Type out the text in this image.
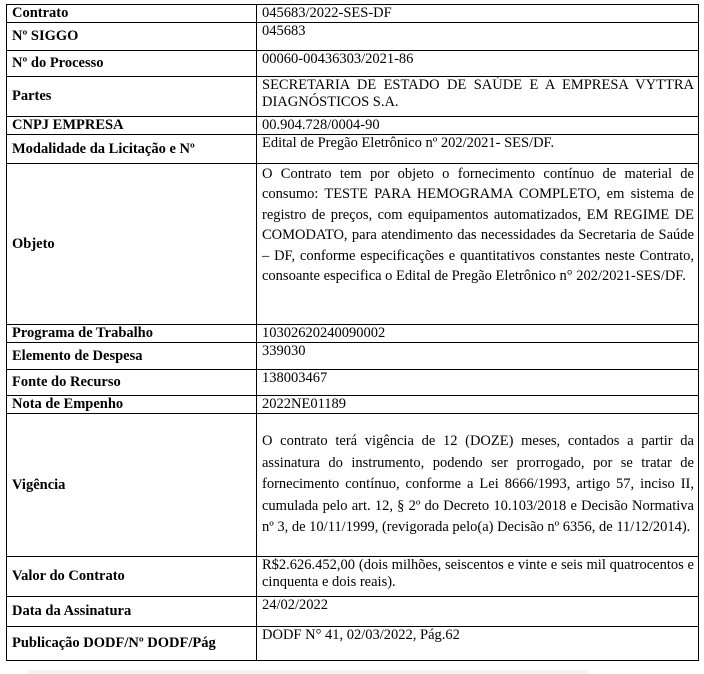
Contrato	045683/2022-SES-DF
Nº SIGGO	045683
Nº do Processo	00060-00436303/2021-86
Partes	SECRETARIA DE ESTADO DE SAÚDE E A EMPRESA VYTTRA DIAGNÓSTICOS S.A.
CNPJ EMPRESA	00.904.728/0004-90
Modalidade da Licitação e Nº	Edital de Pregão Eletrônico nº 202/2021- SES/DF.
Objeto	O Contrato tem por objeto o fornecimento contínuo de material de consumo: TESTE PARA HEMOGRAMA COMPLETO, em sistema de registro de preços, com equipamentos automatizados, EM REGIME DE COMODATO, para atendimento das necessidades da Secretaria de Saúde – DF, conforme especificações e quantitativos constantes neste Contrato, consoante especifica o Edital de Pregão Eletrônico n° 202/2021-SES/DF.
Programa de Trabalho	10302620240090002
Elemento de Despesa	339030
Fonte do Recurso	138003467
Nota de Empenho	2022NE01189
Vigência	O contrato terá vigência de 12 (DOZE) meses, contados a partir da assinatura do instrumento, podendo ser prorrogado, por se tratar de fornecimento contínuo, conforme a Lei 8666/1993, artigo 57, inciso II, cumulada pelo art. 12, § 2º do Decreto 10.103/2018 e Decisão Normativa nº 3, de 10/11/1999, (revigorada pelo(a) Decisão nº 6356, de 11/12/2014).
Valor do Contrato	R$2.626.452,00 (dois milhões, seiscentos e vinte e seis mil quatrocentos e cinquenta e dois reais).
Data da Assinatura	24/02/2022
Publicação DODF/Nº DODF/Pág	DODF N° 41, 02/03/2022, Pág.62
